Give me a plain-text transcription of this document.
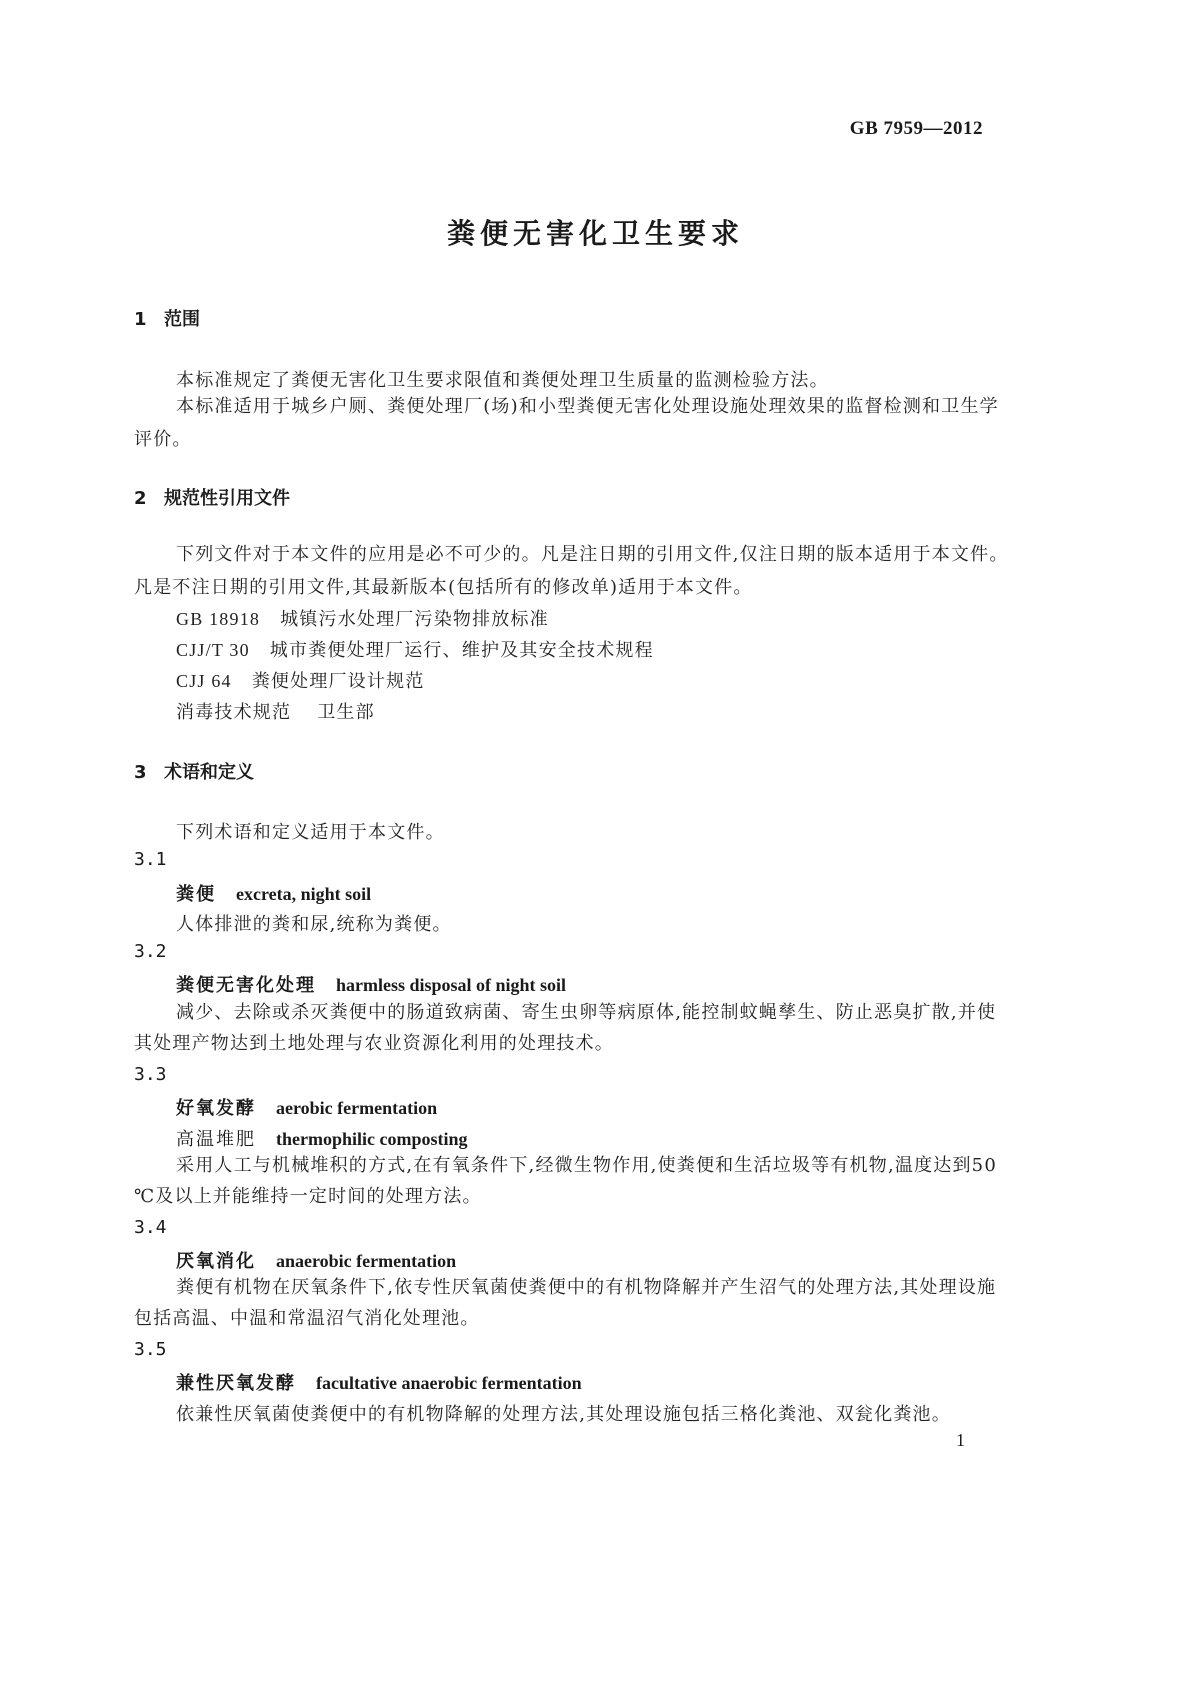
GB 7959—2012
粪便无害化卫生要求
1 范围
本标准规定了粪便无害化卫生要求限值和粪便处理卫生质量的监测检验方法。
本标准适用于城乡户厕、粪便处理厂(场)和小型粪便无害化处理设施处理效果的监督检测和卫生学评价。
2 规范性引用文件
下列文件对于本文件的应用是必不可少的。凡是注日期的引用文件,仅注日期的版本适用于本文件。凡是不注日期的引用文件,其最新版本(包括所有的修改单)适用于本文件。
GB 18918 城镇污水处理厂污染物排放标准
CJJ/T 30 城市粪便处理厂运行、维护及其安全技术规程
CJJ 64 粪便处理厂设计规范
消毒技术规范 卫生部
3 术语和定义
下列术语和定义适用于本文件。
3.1
粪便 excreta, night soil
人体排泄的粪和尿,统称为粪便。
3.2
粪便无害化处理 harmless disposal of night soil
减少、去除或杀灭粪便中的肠道致病菌、寄生虫卵等病原体,能控制蚊蝇孳生、防止恶臭扩散,并使其处理产物达到土地处理与农业资源化利用的处理技术。
3.3
好氧发酵 aerobic fermentation
高温堆肥 thermophilic composting
采用人工与机械堆积的方式,在有氧条件下,经微生物作用,使粪便和生活垃圾等有机物,温度达到50 ℃及以上并能维持一定时间的处理方法。
3.4
厌氧消化 anaerobic fermentation
粪便有机物在厌氧条件下,依专性厌氧菌使粪便中的有机物降解并产生沼气的处理方法,其处理设施包括高温、中温和常温沼气消化处理池。
3.5
兼性厌氧发酵 facultative anaerobic fermentation
依兼性厌氧菌使粪便中的有机物降解的处理方法,其处理设施包括三格化粪池、双瓮化粪池。
1
